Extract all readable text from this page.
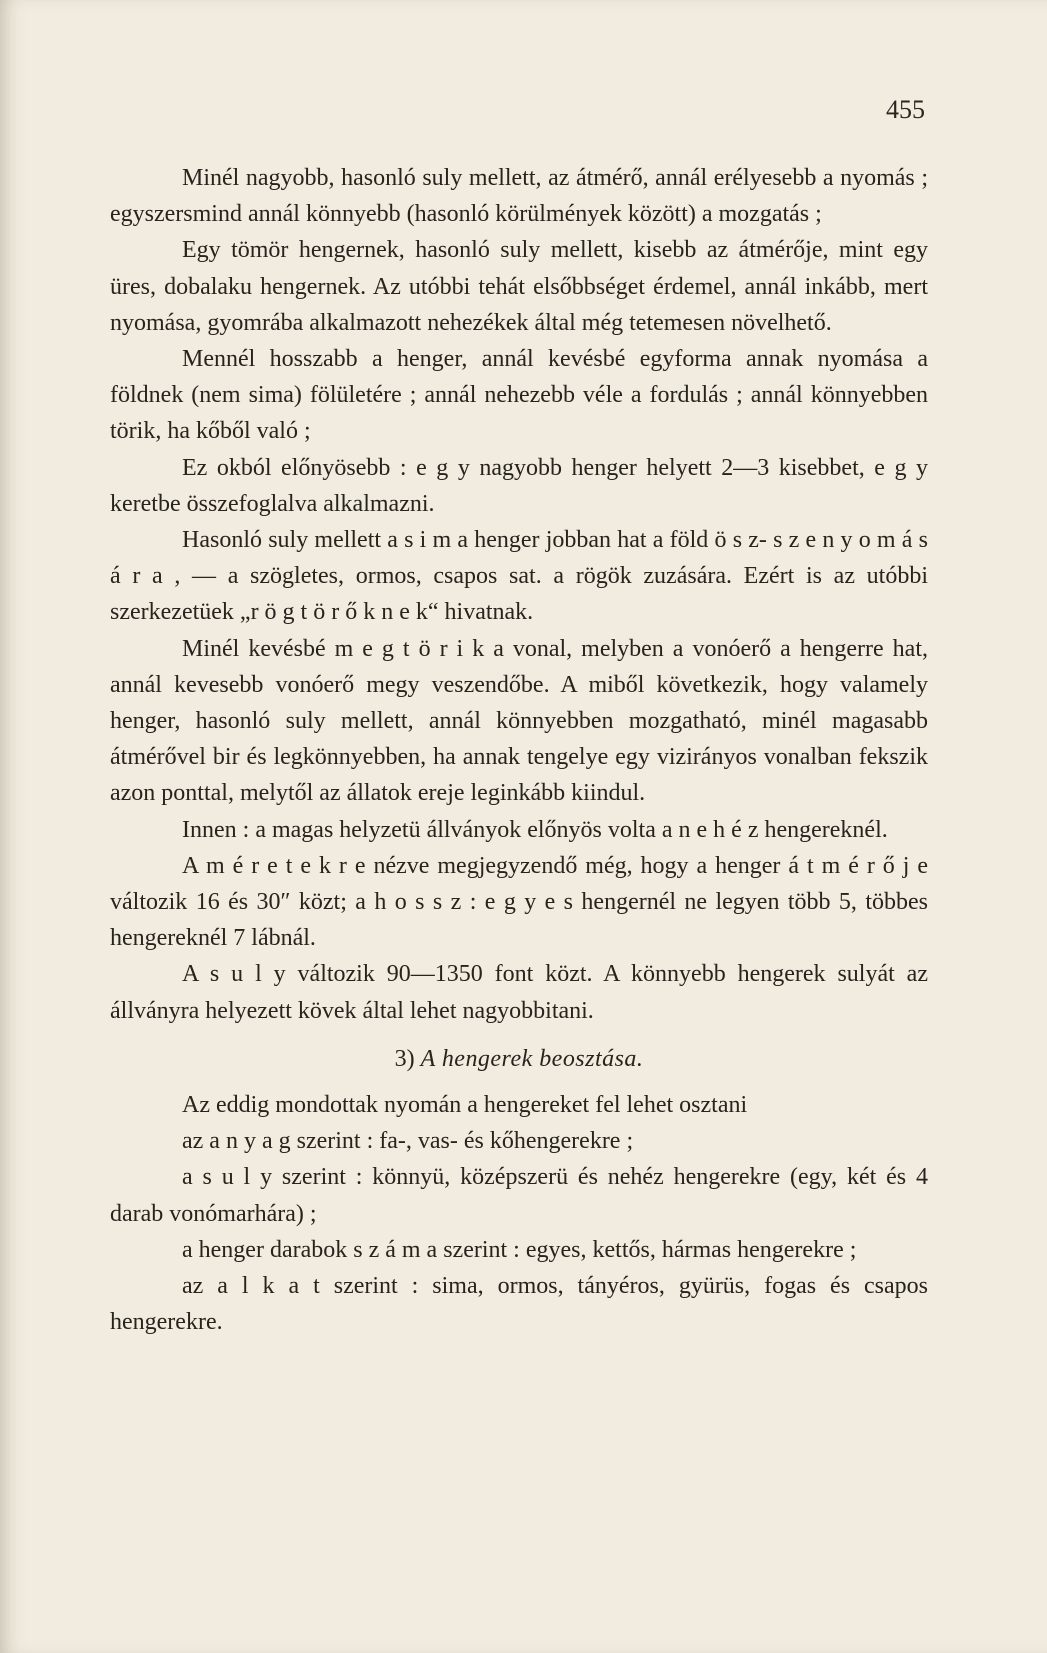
455

Minél nagyobb, hasonló suly mellett, az átmérő, annál erélyesebb a nyomás ; egyszersmind annál könnyebb (hasonló körülmények között) a mozgatás ;

Egy tömör hengernek, hasonló suly mellett, kisebb az átmérője, mint egy üres, dobalaku hengernek. Az utóbbi tehát elsőbbséget érdemel, annál inkább, mert nyomása, gyomrába alkalmazott nehezékek által még tetemesen növelhető.

Mennél hosszabb a henger, annál kevésbé egyforma annak nyomása a földnek (nem sima) fölületére ; annál nehezebb véle a fordulás ; annál könnyebben törik, ha kőből való ;

Ez okból előnyösebb : e g y nagyobb henger helyett 2—3 kisebbet, e g y keretbe összefoglalva alkalmazni.

Hasonló suly mellett a s i m a henger jobban hat a föld ö s z- s z e n y o m á s á r a , — a szögletes, ormos, csapos sat. a rögök zuzására. Ezért is az utóbbi szerkezetüek „r ö g t ö r ő k n e k“ hivatnak.

Minél kevésbé m e g t ö r i k a vonal, melyben a vonóerő a hengerre hat, annál kevesebb vonóerő megy veszendőbe. A miből következik, hogy valamely henger, hasonló suly mellett, annál könnyebben mozgatható, minél magasabb átmérővel bir és legkönnyebben, ha annak tengelye egy vizirányos vonalban fekszik azon ponttal, melytől az állatok ereje leginkább kiindul.

Innen : a magas helyzetü állványok előnyös volta a n e h é z hengereknél.

A m é r e t e k r e nézve megjegyzendő még, hogy a henger á t m é r ő j e változik 16 és 30″ közt; a h o s s z : e g y e s hengernél ne legyen több 5, többes hengereknél 7 lábnál.

A s u l y változik 90—1350 font közt. A könnyebb hengerek sulyát az állványra helyezett kövek által lehet nagyobbitani.

3) A hengerek beosztása.

Az eddig mondottak nyomán a hengereket fel lehet osztani

az a n y a g szerint : fa-, vas- és kőhengerekre ;

a s u l y szerint : könnyü, középszerü és nehéz hengerekre (egy, két és 4 darab vonómarhára) ;

a henger darabok s z á m a szerint : egyes, kettős, hármas hengerekre ;

az a l k a t szerint : sima, ormos, tányéros, gyürüs, fogas és csapos hengerekre.
